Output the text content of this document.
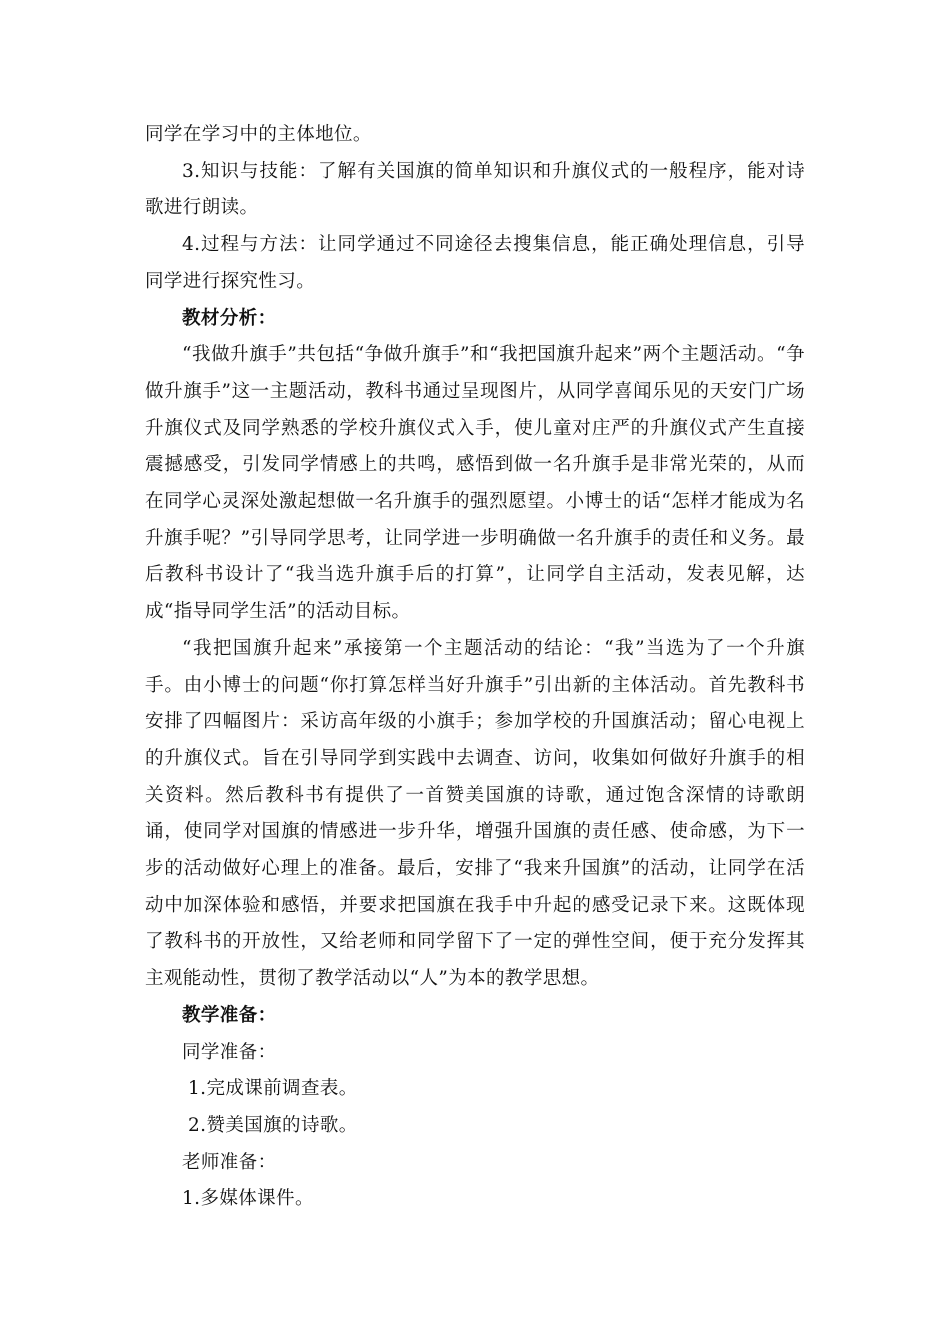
同学在学习中的主体地位。

3.知识与技能：了解有关国旗的简单知识和升旗仪式的一般程序，能对诗歌进行朗读。

4.过程与方法：让同学通过不同途径去搜集信息，能正确处理信息，引导同学进行探究性习。

教材分析：

“我做升旗手”共包括“争做升旗手”和“我把国旗升起来”两个主题活动。“争做升旗手”这一主题活动，教科书通过呈现图片，从同学喜闻乐见的天安门广场升旗仪式及同学熟悉的学校升旗仪式入手，使儿童对庄严的升旗仪式产生直接震撼感受，引发同学情感上的共鸣，感悟到做一名升旗手是非常光荣的，从而在同学心灵深处激起想做一名升旗手的强烈愿望。小博士的话“怎样才能成为名升旗手呢？”引导同学思考，让同学进一步明确做一名升旗手的责任和义务。最后教科书设计了“我当选升旗手后的打算”，让同学自主活动，发表见解，达成“指导同学生活”的活动目标。

“我把国旗升起来”承接第一个主题活动的结论：“我”当选为了一个升旗手。由小博士的问题“你打算怎样当好升旗手”引出新的主体活动。首先教科书安排了四幅图片：采访高年级的小旗手；参加学校的升国旗活动；留心电视上的升旗仪式。旨在引导同学到实践中去调查、访问，收集如何做好升旗手的相关资料。然后教科书有提供了一首赞美国旗的诗歌，通过饱含深情的诗歌朗诵，使同学对国旗的情感进一步升华，增强升国旗的责任感、使命感，为下一步的活动做好心理上的准备。最后，安排了“我来升国旗”的活动，让同学在活动中加深体验和感悟，并要求把国旗在我手中升起的感受记录下来。这既体现了教科书的开放性，又给老师和同学留下了一定的弹性空间，便于充分发挥其主观能动性，贯彻了教学活动以“人”为本的教学思想。

教学准备：

同学准备：

1.完成课前调查表。

2.赞美国旗的诗歌。

老师准备：

1.多媒体课件。
